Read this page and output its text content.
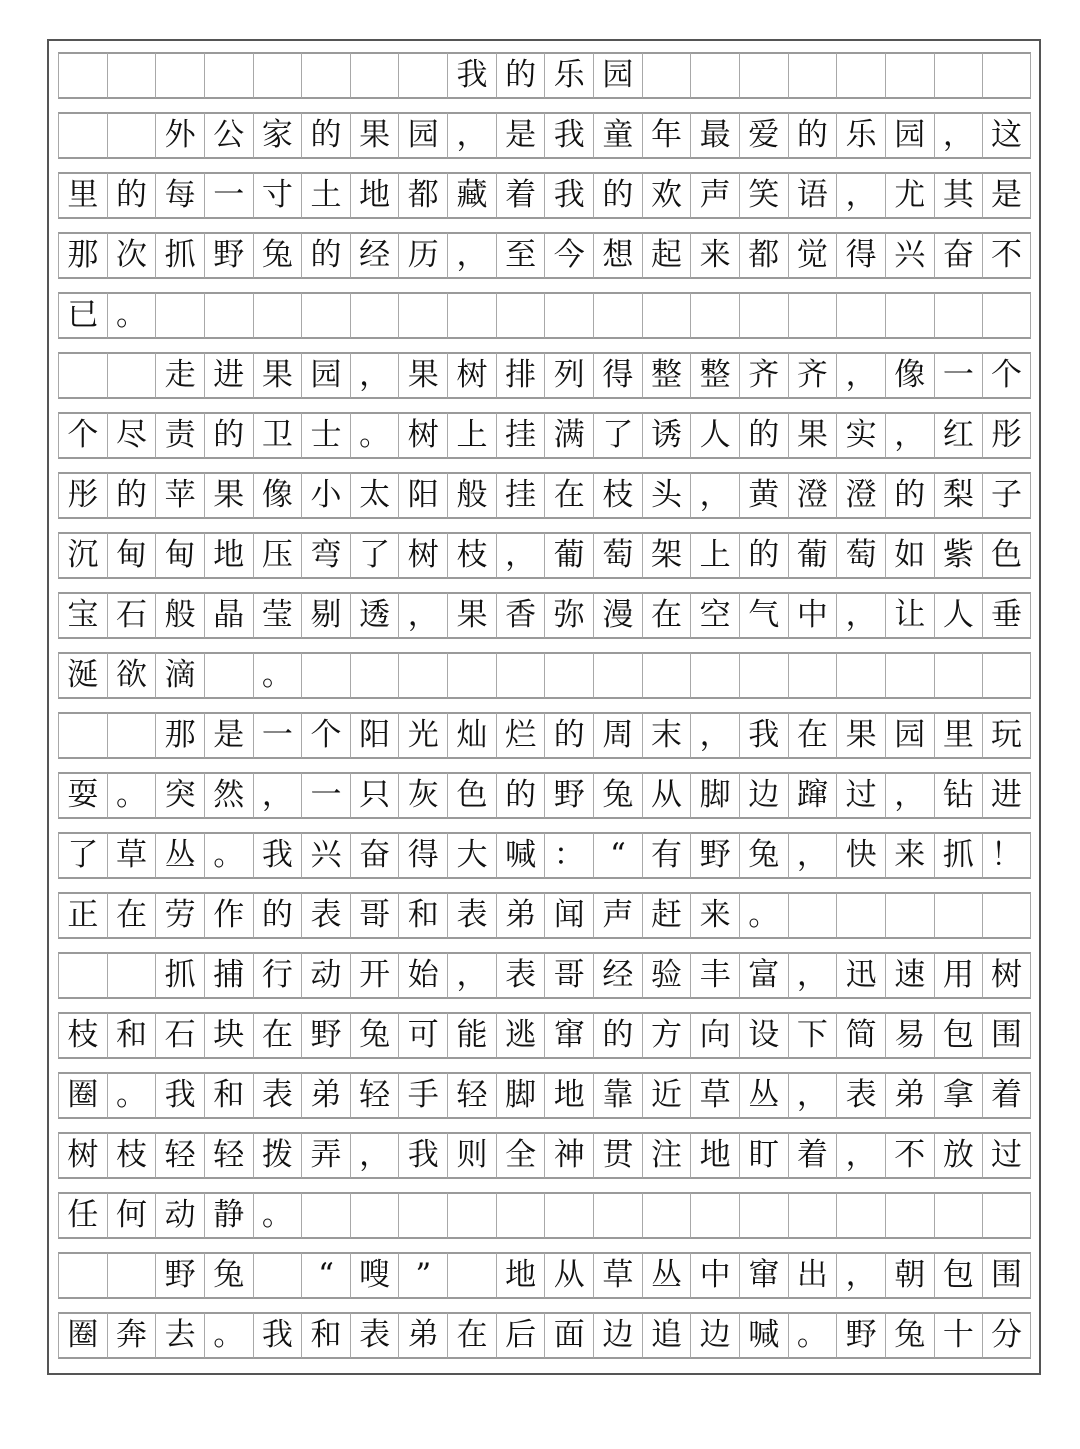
我 的 乐 园
外 公 家 的 果 园 ， 是 我 童 年 最 爱 的 乐 园 ， 这
里 的 每 一 寸 土 地 都 藏 着 我 的 欢 声 笑 语 ， 尤 其 是
那 次 抓 野 兔 的 经 历 ， 至 今 想 起 来 都 觉 得 兴 奋 不
已 。
走 进 果 园 ， 果 树 排 列 得 整 整 齐 齐 ， 像 一 个
个 尽 责 的 卫 士 。 树 上 挂 满 了 诱 人 的 果 实 ， 红 彤
彤 的 苹 果 像 小 太 阳 般 挂 在 枝 头 ， 黄 澄 澄 的 梨 子
沉 甸 甸 地 压 弯 了 树 枝 ， 葡 萄 架 上 的 葡 萄 如 紫 色
宝 石 般 晶 莹 剔 透 ， 果 香 弥 漫 在 空 气 中 ， 让 人 垂
涎 欲 滴	。
那 是 一 个 阳 光 灿 烂 的 周 末 ， 我 在 果 园 里 玩
耍 。 突 然 ， 一 只 灰 色 的 野 兔 从 脚 边 蹿 过 ， 钻 进
了 草 丛 。 我 兴 奋 得 大 喊 ： “ 有 野 兔 ， 快 来 抓 ！
正 在 劳 作 的 表 哥 和 表 弟 闻 声 赶 来 。
抓 捕 行 动 开 始 ， 表 哥 经 验 丰 富 ， 迅 速 用 树
枝 和 石 块 在 野 兔 可 能 逃 窜 的 方 向 设 下 简 易 包 围
圈 。 我 和 表 弟 轻 手 轻 脚 地 靠 近 草 丛 ， 表 弟 拿 着
树 枝 轻 轻 拨 弄 ， 我 则 全 神 贯 注 地 盯 着 ， 不 放 过
任 何 动 静 。
野 兔	“ 嗖 ”	地 从 草 丛 中 窜 出 ， 朝 包 围
圈 奔 去 。 我 和 表 弟 在 后 面 边 追 边 喊 。 野 兔 十 分
